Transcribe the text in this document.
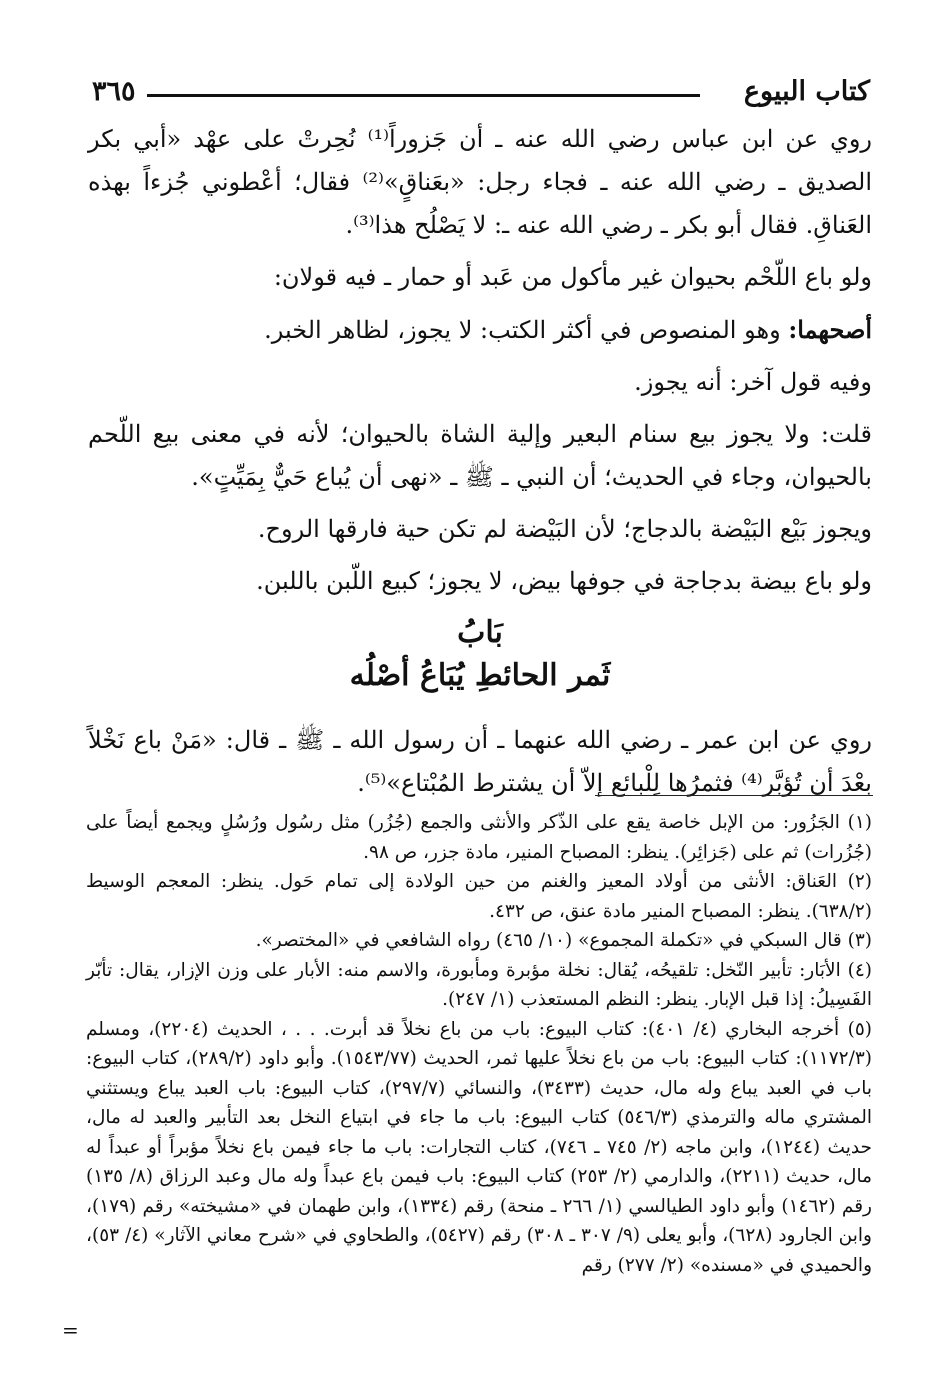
كتاب البيوع
٣٦٥

روي عن ابن عباس رضي الله عنه ـ أن جَزوراً⁽¹⁾ نُحِرتْ على عهْد «أبي بكر الصديق ـ رضي الله عنه ـ فجاء رجل: «بعَناقٍ»⁽²⁾ فقال؛ أعْطوني جُزءاً بهذه العَناقِ. فقال أبو بكر ـ رضي الله عنه ـ: لا يَصْلُح هذا⁽³⁾.

ولو باع اللّحْم بحيوان غير مأكول من عَبد أو حمار ـ فيه قولان:

أصحهما: وهو المنصوص في أكثر الكتب: لا يجوز، لظاهر الخبر.

وفيه قول آخر: أنه يجوز.

قلت: ولا يجوز بيع سنام البعير وإلية الشاة بالحيوان؛ لأنه في معنى بيع اللّحم بالحيوان، وجاء في الحديث؛ أن النبي ـ ﷺ ـ «نهى أن يُباع حَيٌّ بِمَيِّتٍ».

ويجوز بَيْع البَيْضة بالدجاج؛ لأن البَيْضة لم تكن حية فارقها الروح.

ولو باع بيضة بدجاجة في جوفها بيض، لا يجوز؛ كبيع اللّبن باللبن.

بَابُ
ثَمر الحائطِ يُبَاعُ أصْلُه

روي عن ابن عمر ـ رضي الله عنهما ـ أن رسول الله ـ ﷺ ـ قال: «مَنْ باع نَخْلاً بعْدَ أن تُؤبَّر⁽⁴⁾ فثمرُها لِلْبائع إلاّ أن يشترط المُبْتاع»⁽⁵⁾.

(١) الجَزُور: من الإبل خاصة يقع على الذّكر والأنثى والجمع (جُزُر) مثل رسُول ورُسُلٍ ويجمع أيضاً على (جُزُرات) ثم على (جَزائِر). ينظر: المصباح المنير، مادة جزر، ص ٩٨.

(٢) العَناق: الأنثى من أولاد المعيز والغنم من حين الولادة إلى تمام حَول. ينظر: المعجم الوسيط (٦٣٨/٢). ينظر: المصباح المنير مادة عنق، ص ٤٣٢.

(٣) قال السبكي في «تكملة المجموع» (١٠/ ٤٦٥) رواه الشافعي في «المختصر».

(٤) الأبَار: تأبير النّخل: تلقيحُه، يُقال: نخلة مؤبرة ومأبورة، والاسم منه: الأبار على وزن الإزار، يقال: تأبّر الفَسِيلُ: إذا قبل الإبار. ينظر: النظم المستعذب (١/ ٢٤٧).

(٥) أخرجه البخاري (٤/ ٤٠١): كتاب البيوع: باب من باع نخلاً قد أبرت. . . ، الحديث (٢٢٠٤)، ومسلم (١١٧٢/٣): كتاب البيوع: باب من باع نخلاً عليها ثمر، الحديث (١٥٤٣/٧٧). وأبو داود (٢٨٩/٢)، كتاب البيوع: باب في العبد يباع وله مال، حديث (٣٤٣٣)، والنسائي (٢٩٧/٧)، كتاب البيوع: باب العبد يباع ويستثني المشتري ماله والترمذي (٥٤٦/٣) كتاب البيوع: باب ما جاء في ابتياع النخل بعد التأبير والعبد له مال، حديث (١٢٤٤)، وابن ماجه (٢/ ٧٤٥ ـ ٧٤٦)، كتاب التجارات: باب ما جاء فيمن باع نخلاً مؤبراً أو عبداً له مال، حديث (٢٢١١)، والدارمي (٢/ ٢٥٣) كتاب البيوع: باب فيمن باع عبداً وله مال وعبد الرزاق (٨/ ١٣٥) رقم (١٤٦٢) وأبو داود الطيالسي (١/ ٢٦٦ ـ منحة) رقم (١٣٣٤)، وابن طهمان في «مشيخته» رقم (١٧٩)، وابن الجارود (٦٢٨)، وأبو يعلى (٩/ ٣٠٧ ـ ٣٠٨) رقم (٥٤٢٧)، والطحاوي في «شرح معاني الآثار» (٤/ ٥٣)، والحميدي في «مسنده» (٢/ ٢٧٧) رقم

=
